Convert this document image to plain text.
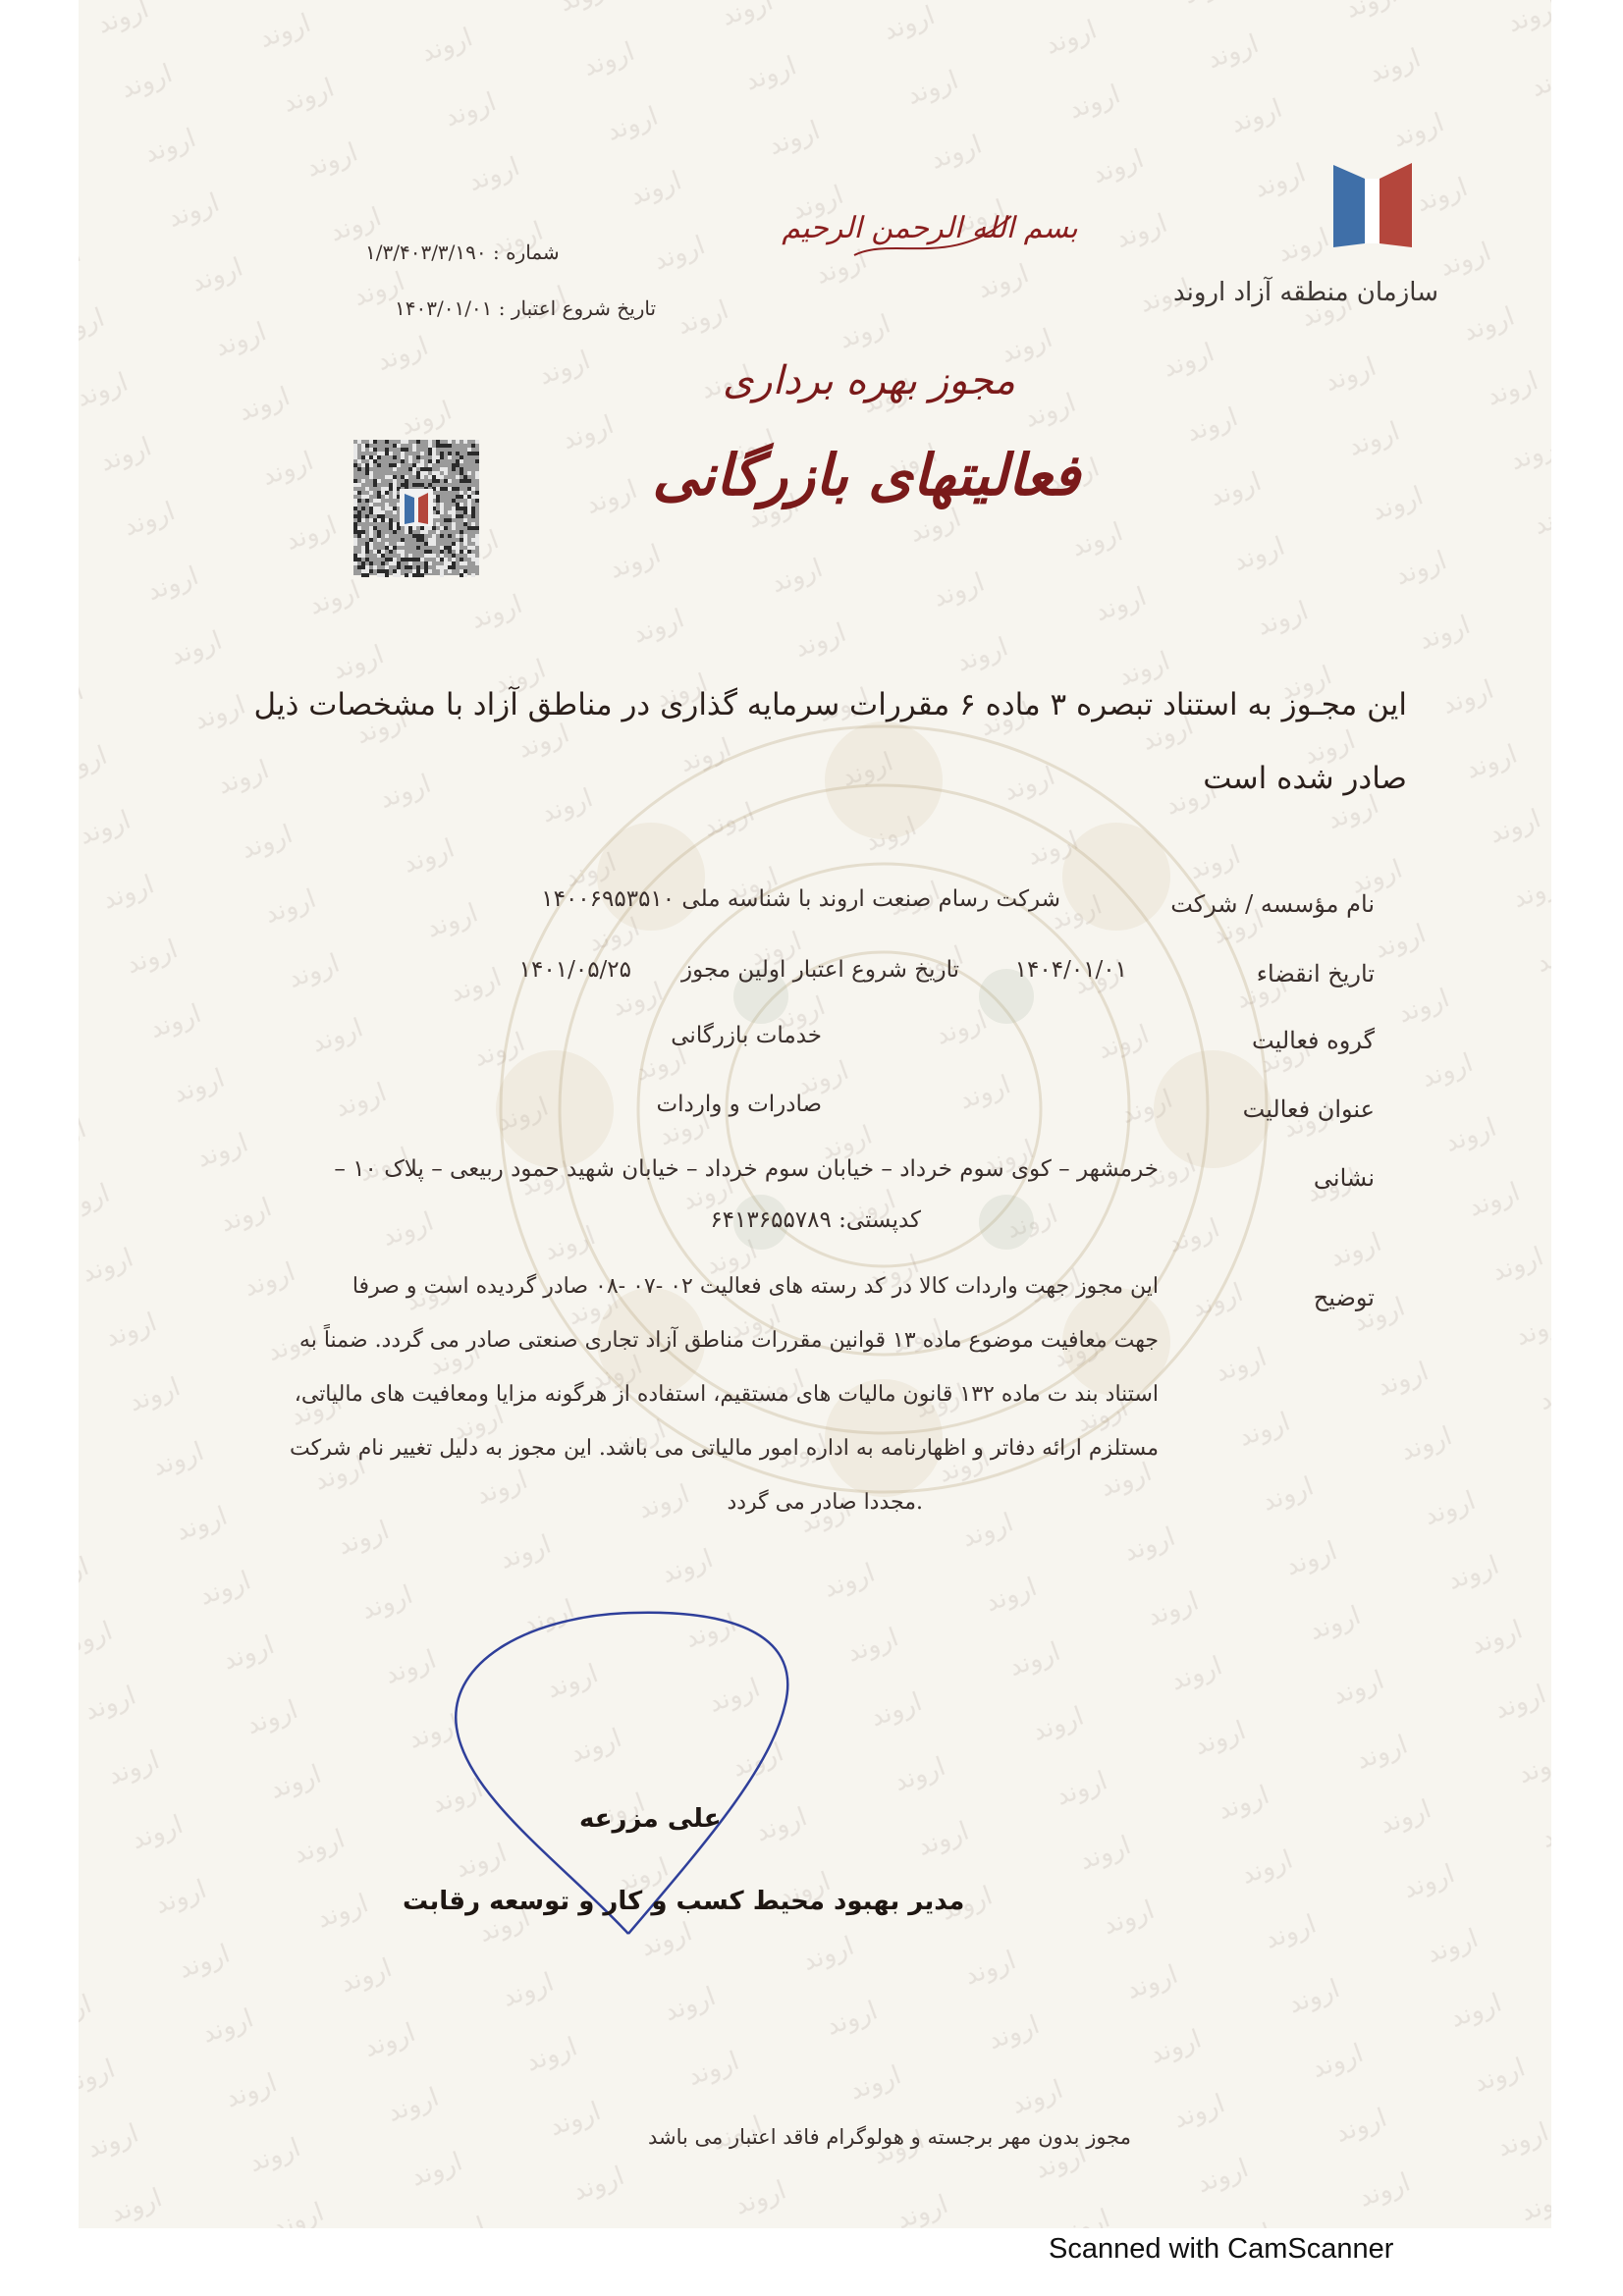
سازمان منطقه آزاد اروند
بسم الله الرحمن الرحیم
شماره : ۱/۳/۴۰۳/۳/۱۹۰
تاریخ شروع اعتبار : ۱۴۰۳/۰۱/۰۱
مجوز بهره برداری
فعالیتهای بازرگانی
این مجـوز به استناد تبصره ۳ ماده ۶ مقررات سرمایه گذاری در مناطق آزاد با مشخصات ذیل
صادر شده است
نام مؤسسه / شرکت
شرکت رسام صنعت اروند با شناسه ملی ۱۴۰۰۶۹۵۳۵۱۰
تاریخ انقضاء
۱۴۰۴/۰۱/۰۱
تاریخ شروع اعتبار اولین مجوز
۱۴۰۱/۰۵/۲۵
گروه فعالیت
خدمات بازرگانی
عنوان فعالیت
صادرات و واردات
نشانی
خرمشهر – کوی سوم خرداد – خیابان سوم خرداد – خیابان شهید حمود ربیعی – پلاک ۱۰ –
کدپستی: ۶۴۱۳۶۵۵۷۸۹
توضیح
این مجوز جهت واردات کالا در کد رسته های فعالیت ۰۲ -۰۷ -۰۸ صادر گردیده است و صرفا
جهت معافیت موضوع ماده ۱۳ قوانین مقررات مناطق آزاد تجاری صنعتی صادر می گردد. ضمناً به
استناد بند ت ماده ۱۳۲ قانون مالیات های مستقیم، استفاده از هرگونه مزایا ومعافیت های مالیاتی،
مستلزم ارائه دفاتر و اظهارنامه به اداره امور مالیاتی می باشد. این مجوز به دلیل تغییر نام شرکت
.مجددا صادر می گردد
علی مزرعه
مدیر بهبود محیط کسب و کار و توسعه رقابت
مجوز بدون مهر برجسته و هولوگرام فاقد اعتبار می باشد
Scanned with CamScanner
